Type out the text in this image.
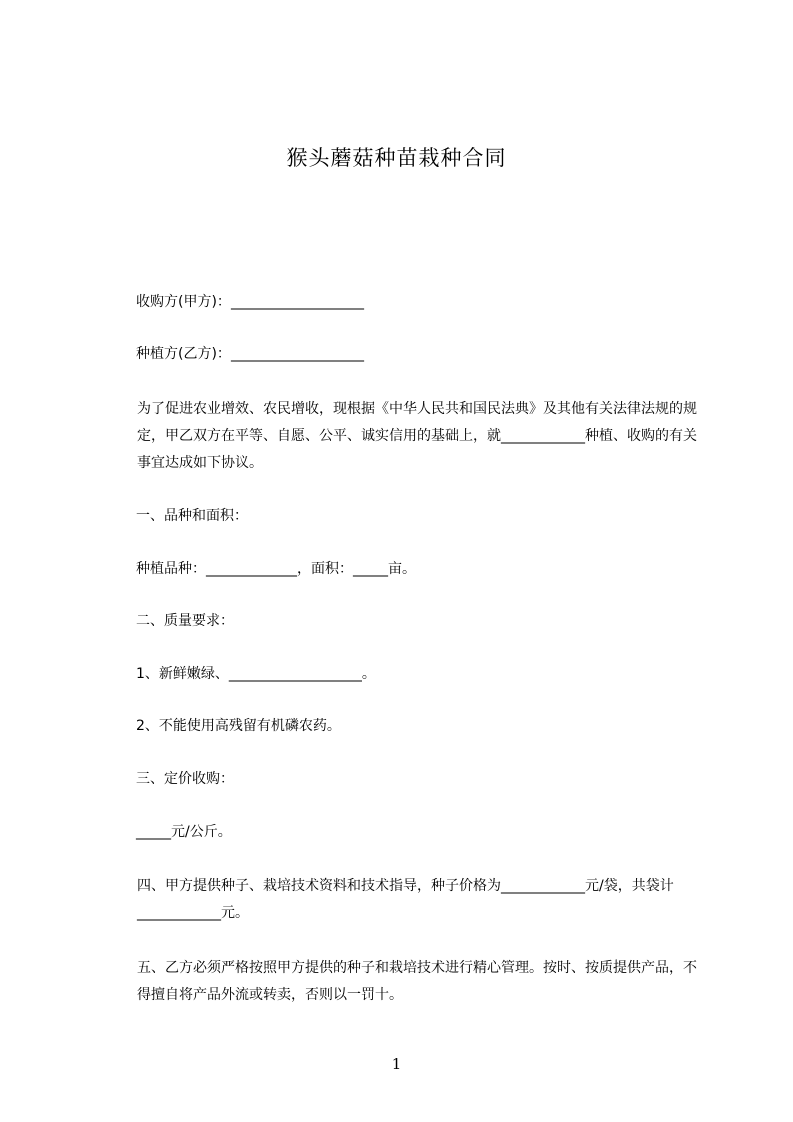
猴头蘑菇种苗栽种合同
收购方(甲方)：___________________
种植方(乙方)：___________________
为了促进农业增效、农民增收，现根据《中华人民共和国民法典》及其他有关法律法规的规定，甲乙双方在平等、自愿、公平、诚实信用的基础上，就____________种植、收购的有关事宜达成如下协议。
一、品种和面积：
种植品种：_____________，面积：_____亩。
二、质量要求：
1、新鲜嫩绿、___________________。
2、不能使用高残留有机磷农药。
三、定价收购：
_____元/公斤。
四、甲方提供种子、栽培技术资料和技术指导，种子价格为____________元/袋，共袋计____________元。
五、乙方必须严格按照甲方提供的种子和栽培技术进行精心管理。按时、按质提供产品，不得擅自将产品外流或转卖，否则以一罚十。
1
